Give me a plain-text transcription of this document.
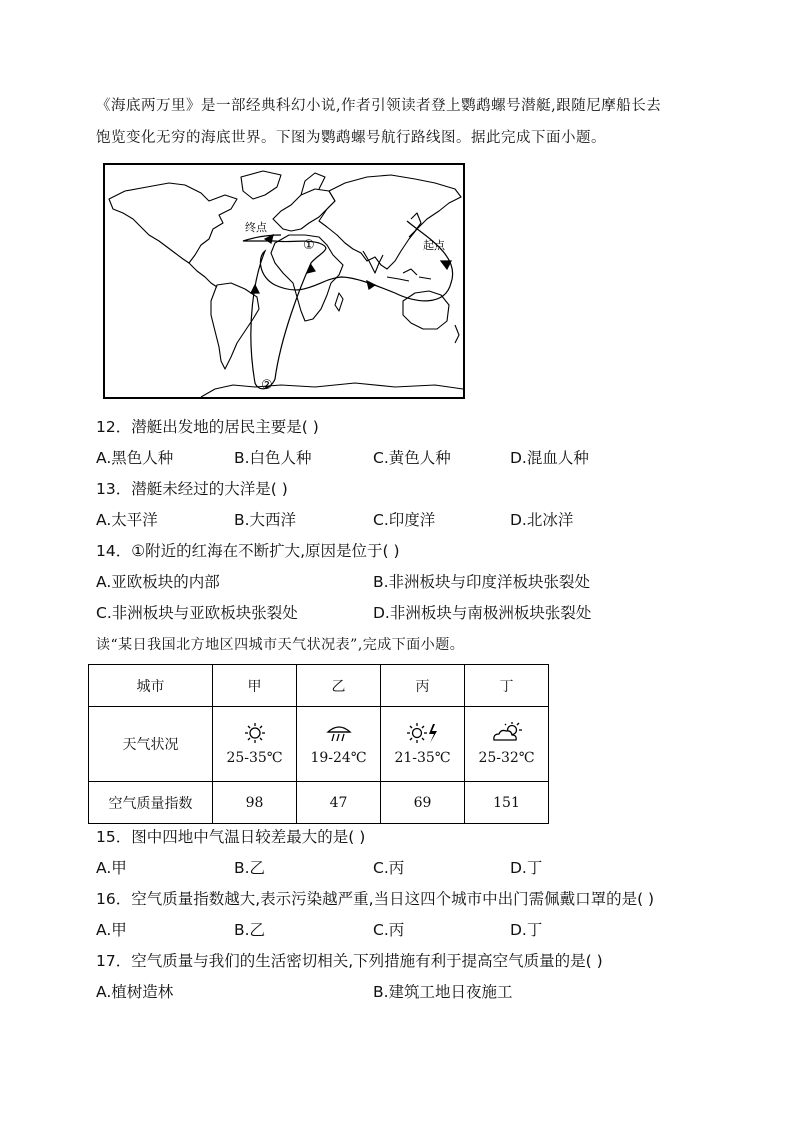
《海底两万里》是一部经典科幻小说,作者引领读者登上鹦鹉螺号潜艇,跟随尼摩船长去
饱览变化无穷的海底世界。下图为鹦鹉螺号航行路线图。据此完成下面小题。
终点
起点
①
②
12．潜艇出发地的居民主要是( )
A.黑色人种	B.白色人种	C.黄色人种	D.混血人种
13．潜艇未经过的大洋是( )
A.太平洋	B.大西洋	C.印度洋	D.北冰洋
14．①附近的红海在不断扩大,原因是位于( )
A.亚欧板块的内部	B.非洲板块与印度洋板块张裂处
C.非洲板块与亚欧板块张裂处	D.非洲板块与南极洲板块张裂处
读“某日我国北方地区四城市天气状况表”,完成下面小题。
城市	甲	乙	丙	丁
天气状况	25-35℃	19-24℃	21-35℃	25-32℃
空气质量指数	98	47	69	151
15．图中四地中气温日较差最大的是( )
A.甲	B.乙	C.丙	D.丁
16．空气质量指数越大,表示污染越严重,当日这四个城市中出门需佩戴口罩的是( )
A.甲	B.乙	C.丙	D.丁
17．空气质量与我们的生活密切相关,下列措施有利于提高空气质量的是( )
A.植树造林	B.建筑工地日夜施工
